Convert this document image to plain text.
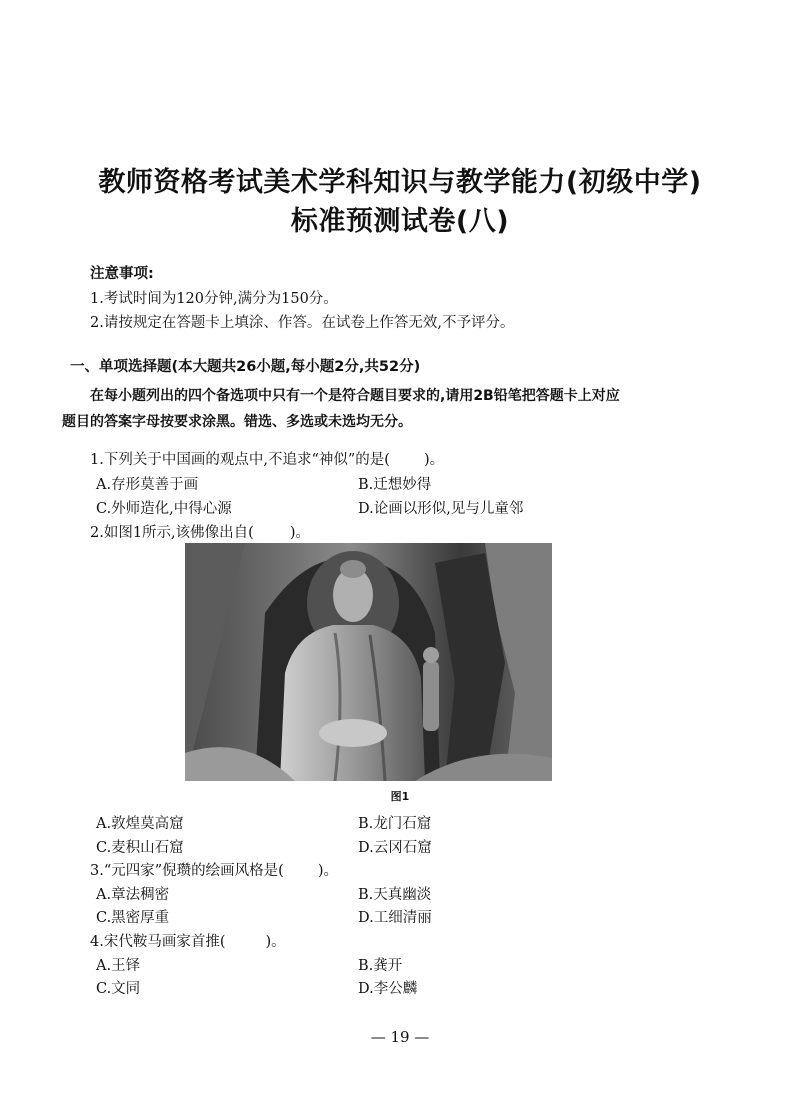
教师资格考试美术学科知识与教学能力(初级中学)
标准预测试卷(八)
注意事项:
1.考试时间为120分钟,满分为150分。
2.请按规定在答题卡上填涂、作答。在试卷上作答无效,不予评分。
一、单项选择题(本大题共26小题,每小题2分,共52分)
在每小题列出的四个备选项中只有一个是符合题目要求的,请用2B铅笔把答题卡上对应
题目的答案字母按要求涂黑。错选、多选或未选均无分。
1.下列关于中国画的观点中,不追求“神似”的是( )。
A.存形莫善于画	B.迁想妙得
C.外师造化,中得心源	D.论画以形似,见与儿童邻
2.如图1所示,该佛像出自( )。
图1
A.敦煌莫高窟	B.龙门石窟
C.麦积山石窟	D.云冈石窟
3.“元四家”倪瓒的绘画风格是( )。
A.章法稠密	B.天真幽淡
C.黑密厚重	D.工细清丽
4.宋代鞍马画家首推(	)。
A.王铎	B.龚开
C.文同	D.李公麟
— 19 —
